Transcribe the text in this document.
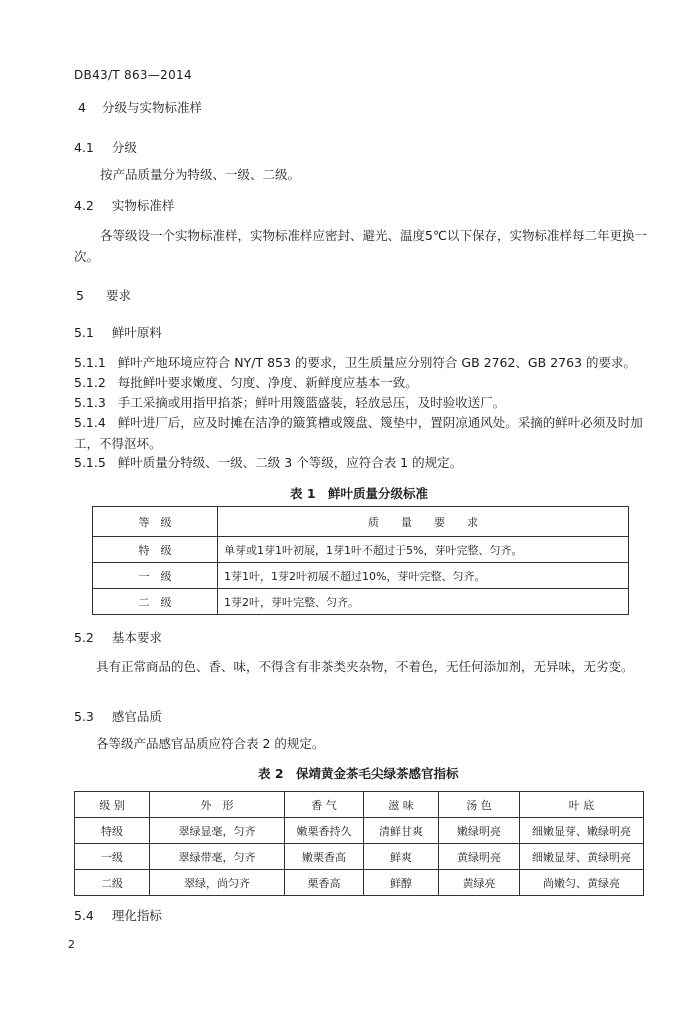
DB43/T 863—2014
4 分级与实物标准样
4.1 分级
按产品质量分为特级、一级、二级。
4.2 实物标准样
各等级设一个实物标准样，实物标准样应密封、避光、温度5℃以下保存，实物标准样每二年更换一次。
5 要求
5.1 鲜叶原料
5.1.1 鲜叶产地环境应符合 NY/T 853 的要求，卫生质量应分别符合 GB 2762、GB 2763 的要求。
5.1.2 每批鲜叶要求嫩度、匀度、净度、新鲜度应基本一致。
5.1.3 手工采摘或用指甲掐茶；鲜叶用篾篮盛装，轻放忌压，及时验收送厂。
5.1.4 鲜叶进厂后，应及时摊在洁净的簸箕槽或篾盘、篾垫中，置阴凉通风处。采摘的鲜叶必须及时加工，不得沤坏。
5.1.5 鲜叶质量分特级、一级、二级 3 个等级，应符合表 1 的规定。
表 1　鲜叶质量分级标准
等　级	质　　量　　要　　求
特　级	单芽或1芽1叶初展，1芽1叶不超过于5%，芽叶完整、匀齐。
一　级	1芽1叶，1芽2叶初展不超过10%，芽叶完整、匀齐。
二　级	1芽2叶，芽叶完整、匀齐。
5.2 基本要求
具有正常商品的色、香、味，不得含有非茶类夹杂物，不着色，无任何添加剂，无异味，无劣变。
5.3 感官品质
各等级产品感官品质应符合表 2 的规定。
表 2　保靖黄金茶毛尖绿茶感官指标
级 别	外　形	香 气	滋 味	汤 色	叶 底
特级	翠绿显毫，匀齐	嫩栗香持久	清鲜甘爽	嫩绿明亮	细嫩显芽、嫩绿明亮
一级	翠绿带毫，匀齐	嫩栗香高	鲜爽	黄绿明亮	细嫩显芽、黄绿明亮
二级	翠绿，尚匀齐	栗香高	鲜醇	黄绿亮	尚嫩匀、黄绿亮
5.4 理化指标
2
